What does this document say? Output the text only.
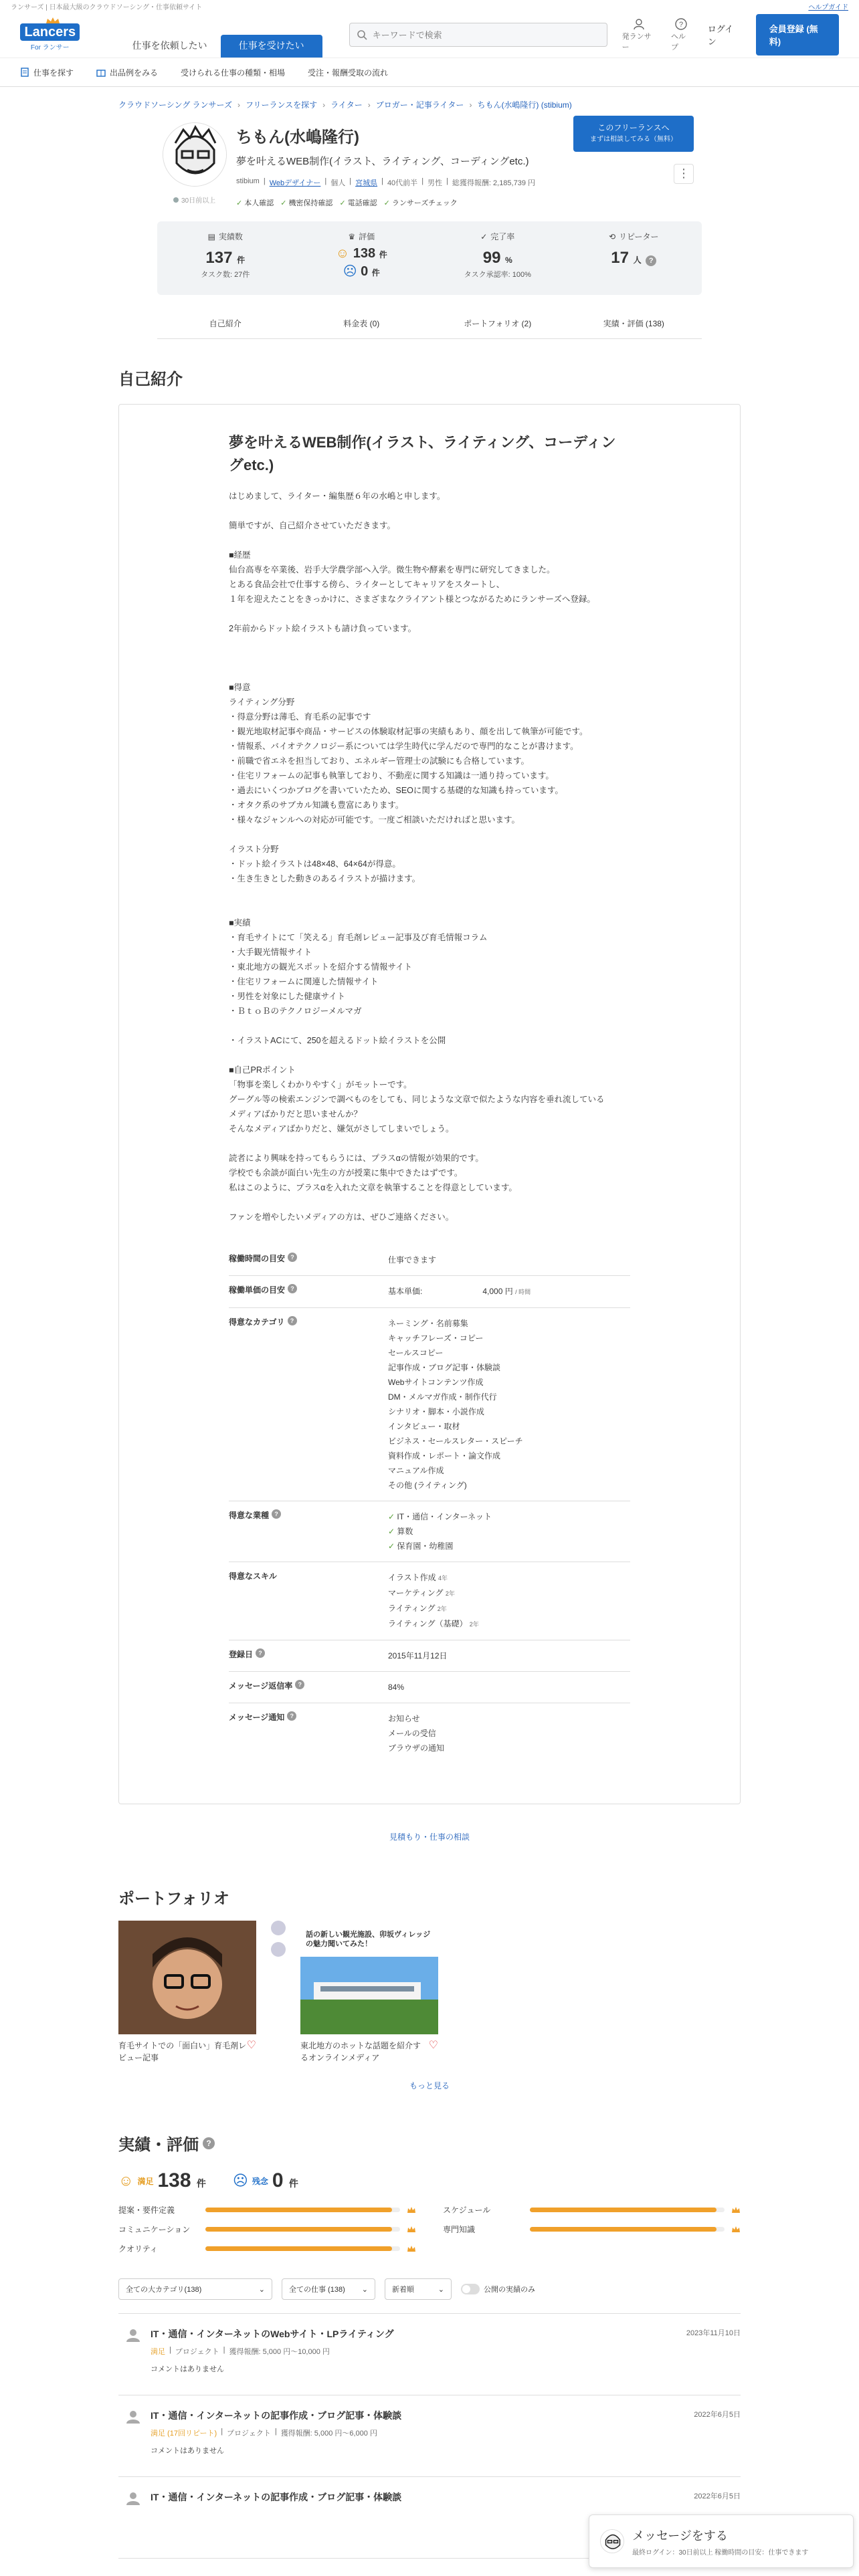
ランサーズ | 日本最大級のクラウドソーシング・仕事依頼サイト	ヘルプガイド
Lancers
For ランサー	仕事を依頼したい	仕事を受けたい
キーワードで検索
発ランサー
?
ヘルプ
ログイン
会員登録 (無料)
仕事を探す	出品例をみる	受けられる仕事の種類・相場	受注・報酬受取の流れ
クラウドソーシング ランサーズ › フリーランスを探す › ライター › ブロガー・記事ライター › ちもん(水嶋隆行) (stibium)
30日前以上
ちもん(水嶋隆行)
夢を叶えるWEB制作(イラスト、ライティング、コーディングetc.)
stibium | Webデザイナー | 個人 | 宮城県 | 40代前半 | 男性 | 総獲得報酬: 2,185,739 円
✓ 本人確認 ✓ 機密保持確認 ✓ 電話確認 ✓ ランサーズチェック
このフリーランスへ
まずは相談してみる（無料）
⋮
▤ 実績数
137 件
タスク数: 27件
♛ 評価
☺ 138 件
☹ 0 件
✓ 完了率
99 %
タスク承認率: 100%
⟲ リピーター
17 人 ?
自己紹介	料金表 (0)	ポートフォリオ (2)	実績・評価 (138)
自己紹介
夢を叶えるWEB制作(イラスト、ライティング、コーディングetc.)
はじめまして、ライター・編集歴６年の水嶋と申します。

簡単ですが、自己紹介させていただきます。

■経歴
仙台高専を卒業後、岩手大学農学部へ入学。微生物や酵素を専門に研究してきました。
とある食品会社で仕事する傍ら、ライターとしてキャリアをスタートし、
１年を迎えたことをきっかけに、さまざまなクライアント様とつながるためにランサーズへ登録。

2年前からドット絵イラストも請け負っています。

■得意
ライティング分野
・得意分野は薄毛、育毛系の記事です
・観光地取材記事や商品・サービスの体験取材記事の実績もあり、顔を出して執筆が可能です。
・情報系、バイオテクノロジー系については学生時代に学んだので専門的なことが書けます。
・前職で省エネを担当しており、エネルギー管理士の試験にも合格しています。
・住宅リフォームの記事も執筆しており、不動産に関する知識は一通り持っています。
・過去にいくつかブログを書いていたため、SEOに関する基礎的な知識も持っています。
・オタク系のサブカル知識も豊富にあります。
・様々なジャンルへの対応が可能です。一度ご相談いただければと思います。

イラスト分野
・ドット絵イラストは48×48、64×64が得意。
・生き生きとした動きのあるイラストが描けます。

■実績
・育毛サイトにて「笑える」育毛剤レビュー記事及び育毛情報コラム
・大手観光情報サイト
・東北地方の観光スポットを紹介する情報サイト
・住宅リフォームに関連した情報サイト
・男性を対象にした健康サイト
・ＢｔｏＢのテクノロジーメルマガ

・イラストACにて、250を超えるドット絵イラストを公開

■自己PRポイント
「物事を楽しくわかりやすく」がモットーです。
グーグル等の検索エンジンで調べものをしても、同じような文章で似たような内容を垂れ流している
メディアばかりだと思いませんか？
そんなメディアばかりだと、嫌気がさしてしまいでしょう。

読者により興味を持ってもらうには、プラスαの情報が効果的です。
学校でも余談が面白い先生の方が授業に集中できたはずです。
私はこのように、プラスαを入れた文章を執筆することを得意としています。

ファンを増やしたいメディアの方は、ぜひご連絡ください。
稼働時間の目安 ?	仕事できます
稼働単価の目安 ?	基本単価:	4,000 円 / 時間
得意なカテゴリ ?	ネーミング・名前募集
キャッチフレーズ・コピー
セールスコピー
記事作成・ブログ記事・体験談
Webサイトコンテンツ作成
DM・メルマガ作成・制作代行
シナリオ・脚本・小説作成
インタビュー・取材
ビジネス・セールスレター・スピーチ
資料作成・レポート・論文作成
マニュアル作成
その他 (ライティング)
得意な業種 ?	✓ IT・通信・インターネット
✓ 算数
✓ 保育園・幼稚園
得意なスキル	イラスト作成 4年
マーケティング 2年
ライティング 2年
ライティング（基礎） 2年
登録日 ?	2015年11月12日
メッセージ返信率 ?	84%
メッセージ通知 ?	お知らせ
メールの受信
ブラウザの通知
見積もり・仕事の相談
ポートフォリオ
育毛サイトでの「面白い」育毛剤レビュー記事
♡
話の新しい観光施設、卯坂ヴィレッジの魅力聞いてみた！
東北地方のホットな話題を紹介するオンラインメディア
♡
もっと見る
実績・評価 ?
☺ 満足 138 件 ☹ 残念 0 件
提案・要件定義	スケジュール
コミュニケーション	専門知識
クオリティ
全ての大カテゴリ(138)	⌄	全ての仕事 (138) ⌄	新着順	⌄	公開の実績のみ
IT・通信・インターネットのWebサイト・LPライティング
満足 | プロジェクト | 獲得報酬: 5,000 円～10,000 円
コメントはありません
2023年11月10日
IT・通信・インターネットの記事作成・ブログ記事・体験談
満足 (17回リピート) | プロジェクト | 獲得報酬: 5,000 円～6,000 円
コメントはありません
2022年6月5日
IT・通信・インターネットの記事作成・ブログ記事・体験談	2022年6月5日
メッセージをする
最終ログイン：30日前以上 稼働時間の目安：仕事できます
